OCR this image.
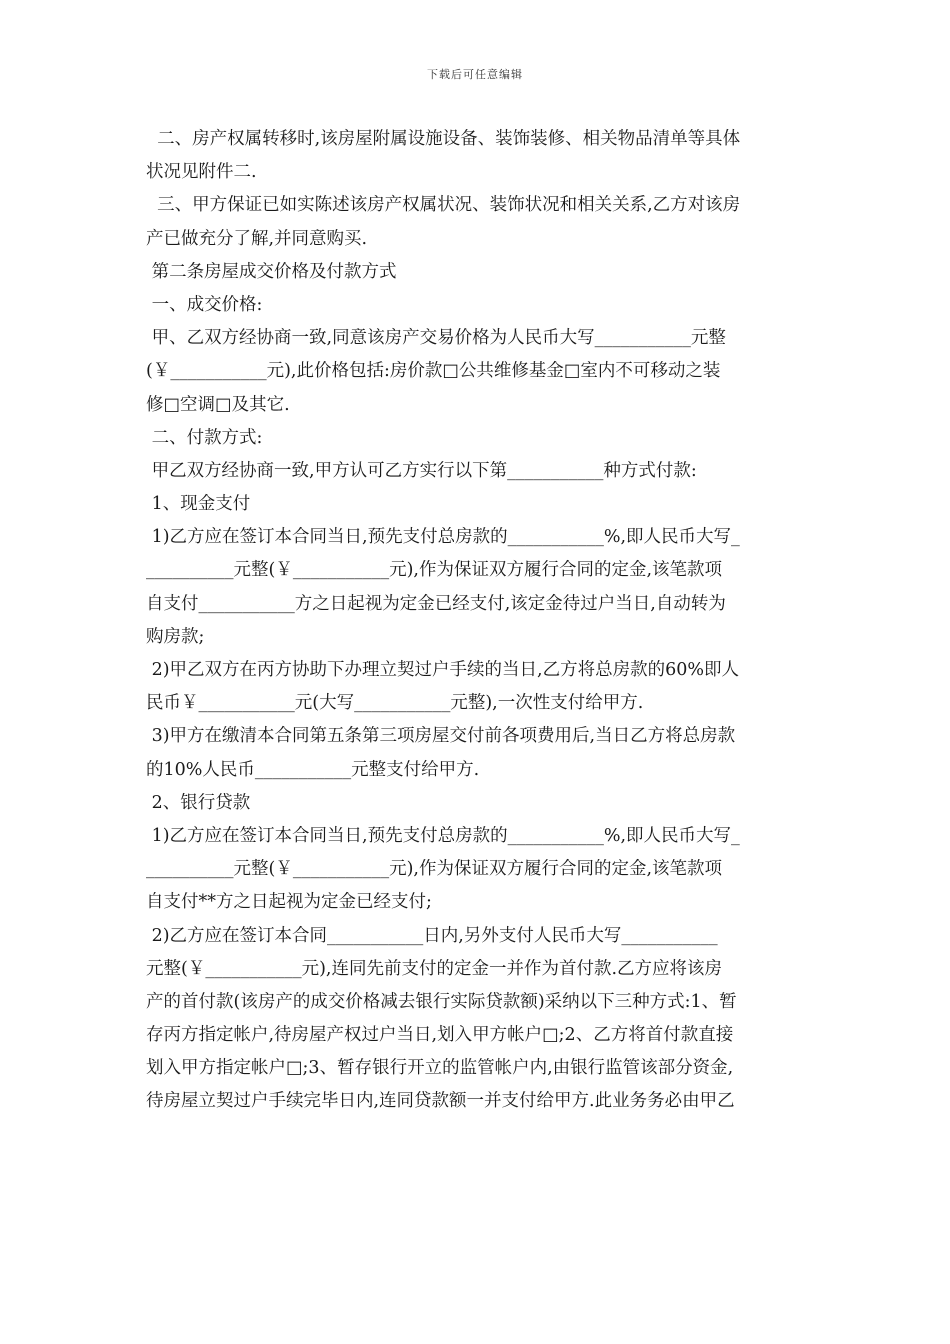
下载后可任意编辑
二、房产权属转移时,该房屋附属设施设备、装饰装修、相关物品清单等具体
状况见附件二.
三、甲方保证已如实陈述该房产权属状况、装饰状况和相关关系,乙方对该房
产已做充分了解,并同意购买.
第二条房屋成交价格及付款方式
一、成交价格:
甲、乙双方经协商一致,同意该房产交易价格为人民币大写___________元整
(￥___________元),此价格包括:房价款□公共维修基金□室内不可移动之装
修□空调□及其它.
二、付款方式:
甲乙双方经协商一致,甲方认可乙方实行以下第___________种方式付款:
1、现金支付
1)乙方应在签订本合同当日,预先支付总房款的___________%,即人民币大写_
__________元整(￥___________元),作为保证双方履行合同的定金,该笔款项
自支付___________方之日起视为定金已经支付,该定金待过户当日,自动转为
购房款;
2)甲乙双方在丙方协助下办理立契过户手续的当日,乙方将总房款的60%即人
民币￥___________元(大写___________元整),一次性支付给甲方.
3)甲方在缴清本合同第五条第三项房屋交付前各项费用后,当日乙方将总房款
的10%人民币___________元整支付给甲方.
2、银行贷款
1)乙方应在签订本合同当日,预先支付总房款的___________%,即人民币大写_
__________元整(￥___________元),作为保证双方履行合同的定金,该笔款项
自支付**方之日起视为定金已经支付;
2)乙方应在签订本合同___________日内,另外支付人民币大写___________
元整(￥___________元),连同先前支付的定金一并作为首付款.乙方应将该房
产的首付款(该房产的成交价格减去银行实际贷款额)采纳以下三种方式:1、暂
存丙方指定帐户,待房屋产权过户当日,划入甲方帐户□;2、乙方将首付款直接
划入甲方指定帐户□;3、暂存银行开立的监管帐户内,由银行监管该部分资金,
待房屋立契过户手续完毕日内,连同贷款额一并支付给甲方.此业务务必由甲乙
